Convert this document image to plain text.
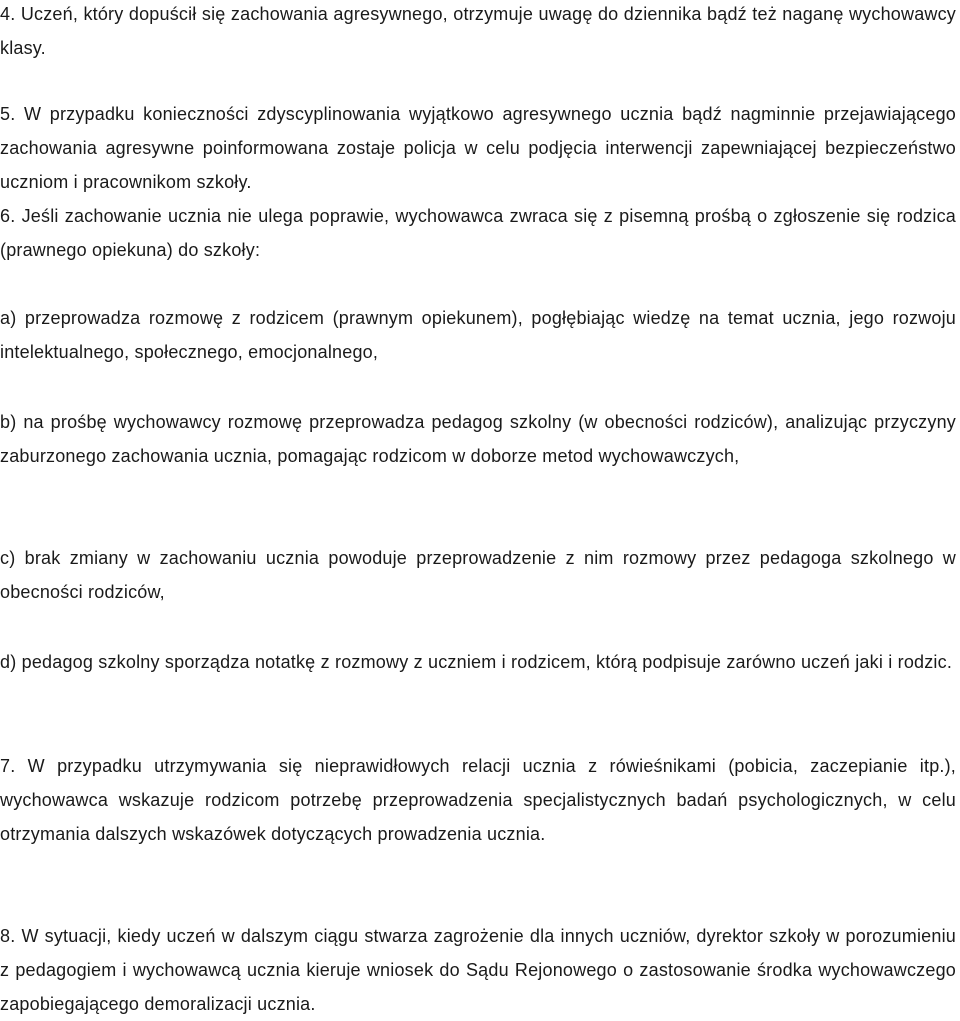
4. Uczeń, który dopuścił się zachowania agresywnego, otrzymuje uwagę do dziennika bądź też naganę wychowawcy klasy.

5. W przypadku konieczności zdyscyplinowania wyjątkowo agresywnego ucznia bądź nagminnie przejawiającego zachowania agresywne poinformowana zostaje policja w celu podjęcia interwencji zapewniającej bezpieczeństwo uczniom i pracownikom szkoły.

6. Jeśli zachowanie ucznia nie ulega poprawie, wychowawca zwraca się z pisemną prośbą o zgłoszenie się rodzica (prawnego opiekuna) do szkoły:

a) przeprowadza rozmowę z rodzicem (prawnym opiekunem), pogłębiając wiedzę na temat ucznia, jego rozwoju intelektualnego, społecznego, emocjonalnego,

b) na prośbę wychowawcy rozmowę przeprowadza pedagog szkolny (w obecności rodziców), analizując przyczyny zaburzonego zachowania ucznia, pomagając rodzicom w doborze metod wychowawczych,

c) brak zmiany w zachowaniu ucznia powoduje przeprowadzenie z nim rozmowy przez pedagoga szkolnego w obecności rodziców,

d) pedagog szkolny sporządza notatkę z rozmowy z uczniem i rodzicem, którą podpisuje zarówno uczeń jaki i rodzic.

7. W przypadku utrzymywania się nieprawidłowych relacji ucznia z rówieśnikami (pobicia, zaczepianie itp.), wychowawca wskazuje rodzicom potrzebę przeprowadzenia specjalistycznych badań psychologicznych, w celu otrzymania dalszych wskazówek dotyczących prowadzenia ucznia.

8. W sytuacji, kiedy uczeń w dalszym ciągu stwarza zagrożenie dla innych uczniów, dyrektor szkoły w porozumieniu z pedagogiem i wychowawcą ucznia kieruje wniosek do Sądu Rejonowego o zastosowanie środka wychowawczego zapobiegającego demoralizacji ucznia.
